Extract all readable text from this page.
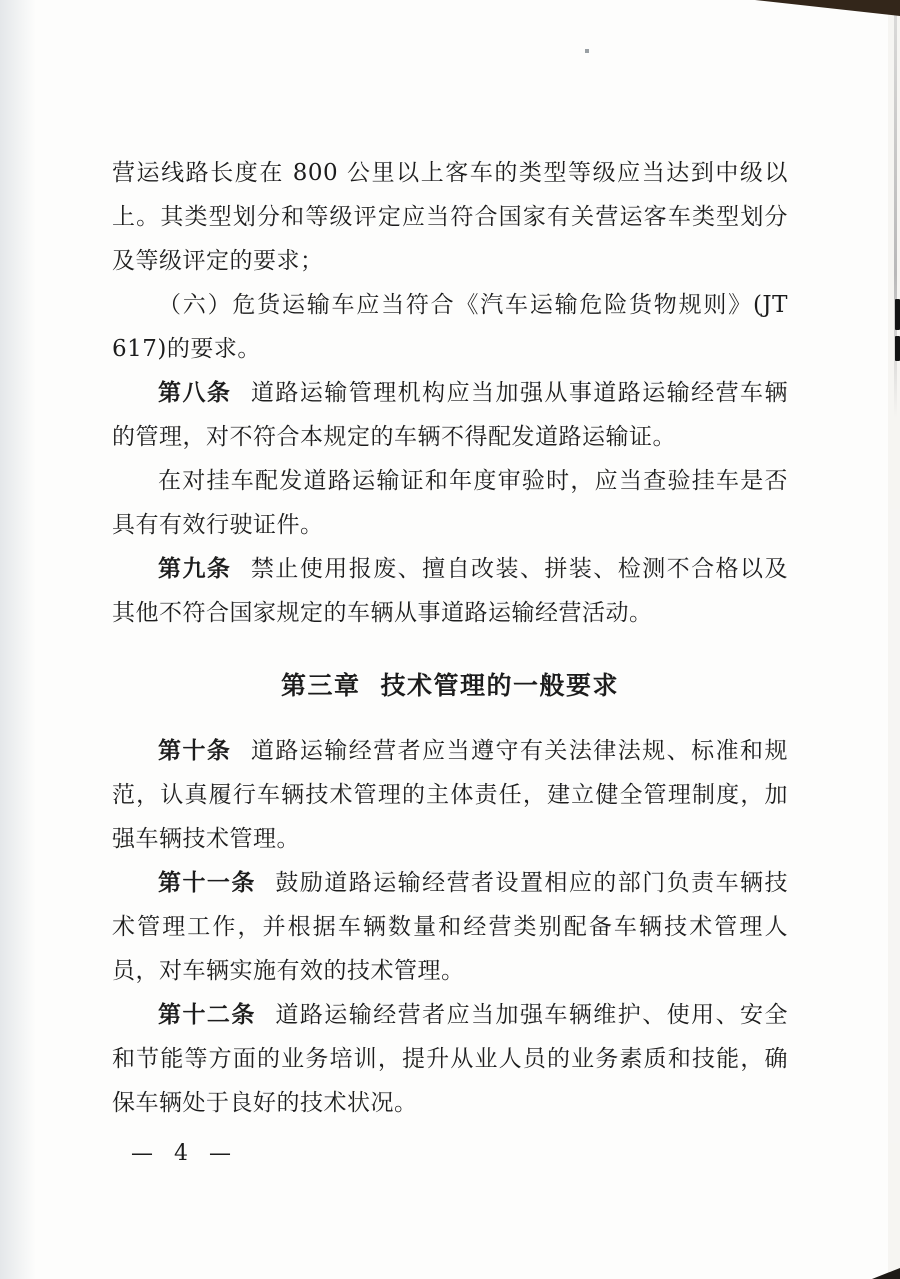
营运线路长度在 800 公里以上客车的类型等级应当达到中级以上。其类型划分和等级评定应当符合国家有关营运客车类型划分及等级评定的要求；

（六）危货运输车应当符合《汽车运输危险货物规则》(JT 617)的要求。

第八条 道路运输管理机构应当加强从事道路运输经营车辆的管理，对不符合本规定的车辆不得配发道路运输证。

在对挂车配发道路运输证和年度审验时，应当查验挂车是否具有有效行驶证件。

第九条 禁止使用报废、擅自改装、拼装、检测不合格以及其他不符合国家规定的车辆从事道路运输经营活动。

第三章 技术管理的一般要求

第十条 道路运输经营者应当遵守有关法律法规、标准和规范，认真履行车辆技术管理的主体责任，建立健全管理制度，加强车辆技术管理。

第十一条 鼓励道路运输经营者设置相应的部门负责车辆技术管理工作，并根据车辆数量和经营类别配备车辆技术管理人员，对车辆实施有效的技术管理。

第十二条 道路运输经营者应当加强车辆维护、使用、安全和节能等方面的业务培训，提升从业人员的业务素质和技能，确保车辆处于良好的技术状况。

— 4 —
